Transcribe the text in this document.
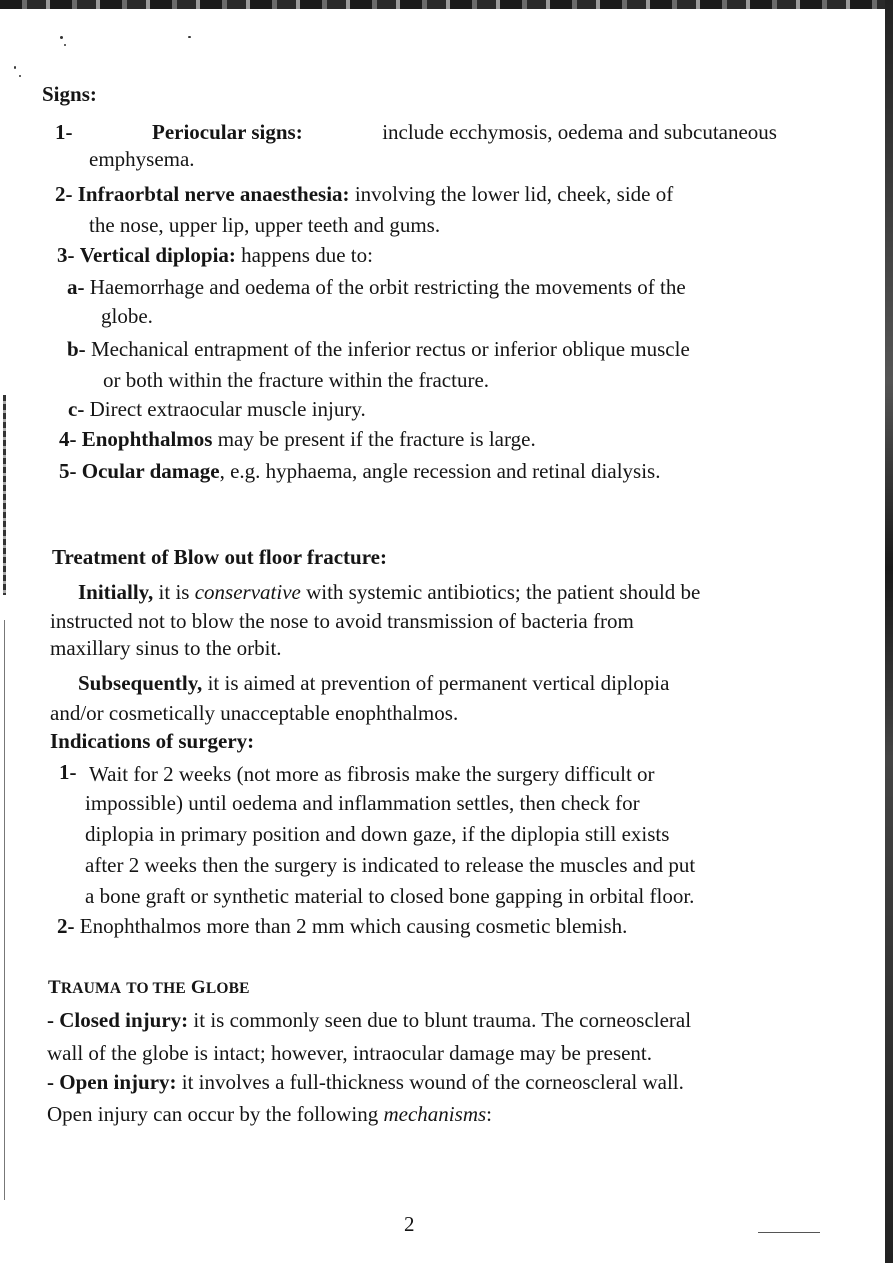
Signs:

1-	Periocular signs:	include ecchymosis, oedema and subcutaneous

emphysema.

2- Infraorbtal nerve anaesthesia: involving the lower lid, cheek, side of

the nose, upper lip, upper teeth and gums.

3- Vertical diplopia: happens due to:

a- Haemorrhage and oedema of the orbit restricting the movements of the

globe.

b- Mechanical entrapment of the inferior rectus or inferior oblique muscle

or both within the fracture within the fracture.

c- Direct extraocular muscle injury.

4- Enophthalmos may be present if the fracture is large.

5- Ocular damage, e.g. hyphaema, angle recession and retinal dialysis.

Treatment of Blow out floor fracture:

Initially, it is conservative with systemic antibiotics; the patient should be

instructed not to blow the nose to avoid transmission of bacteria from

maxillary sinus to the orbit.

Subsequently, it is aimed at prevention of permanent vertical diplopia

and/or cosmetically unacceptable enophthalmos.

Indications of surgery:

1- Wait for 2 weeks (not more as fibrosis make the surgery difficult or

impossible) until oedema and inflammation settles, then check for

diplopia in primary position and down gaze, if the diplopia still exists

after 2 weeks then the surgery is indicated to release the muscles and put

a bone graft or synthetic material to closed bone gapping in orbital floor.

2- Enophthalmos more than 2 mm which causing cosmetic blemish.

TRAUMA TO THE GLOBE

- Closed injury: it is commonly seen due to blunt trauma. The corneoscleral

wall of the globe is intact; however, intraocular damage may be present.

- Open injury: it involves a full-thickness wound of the corneoscleral wall.

Open injury can occur by the following mechanisms:

2
